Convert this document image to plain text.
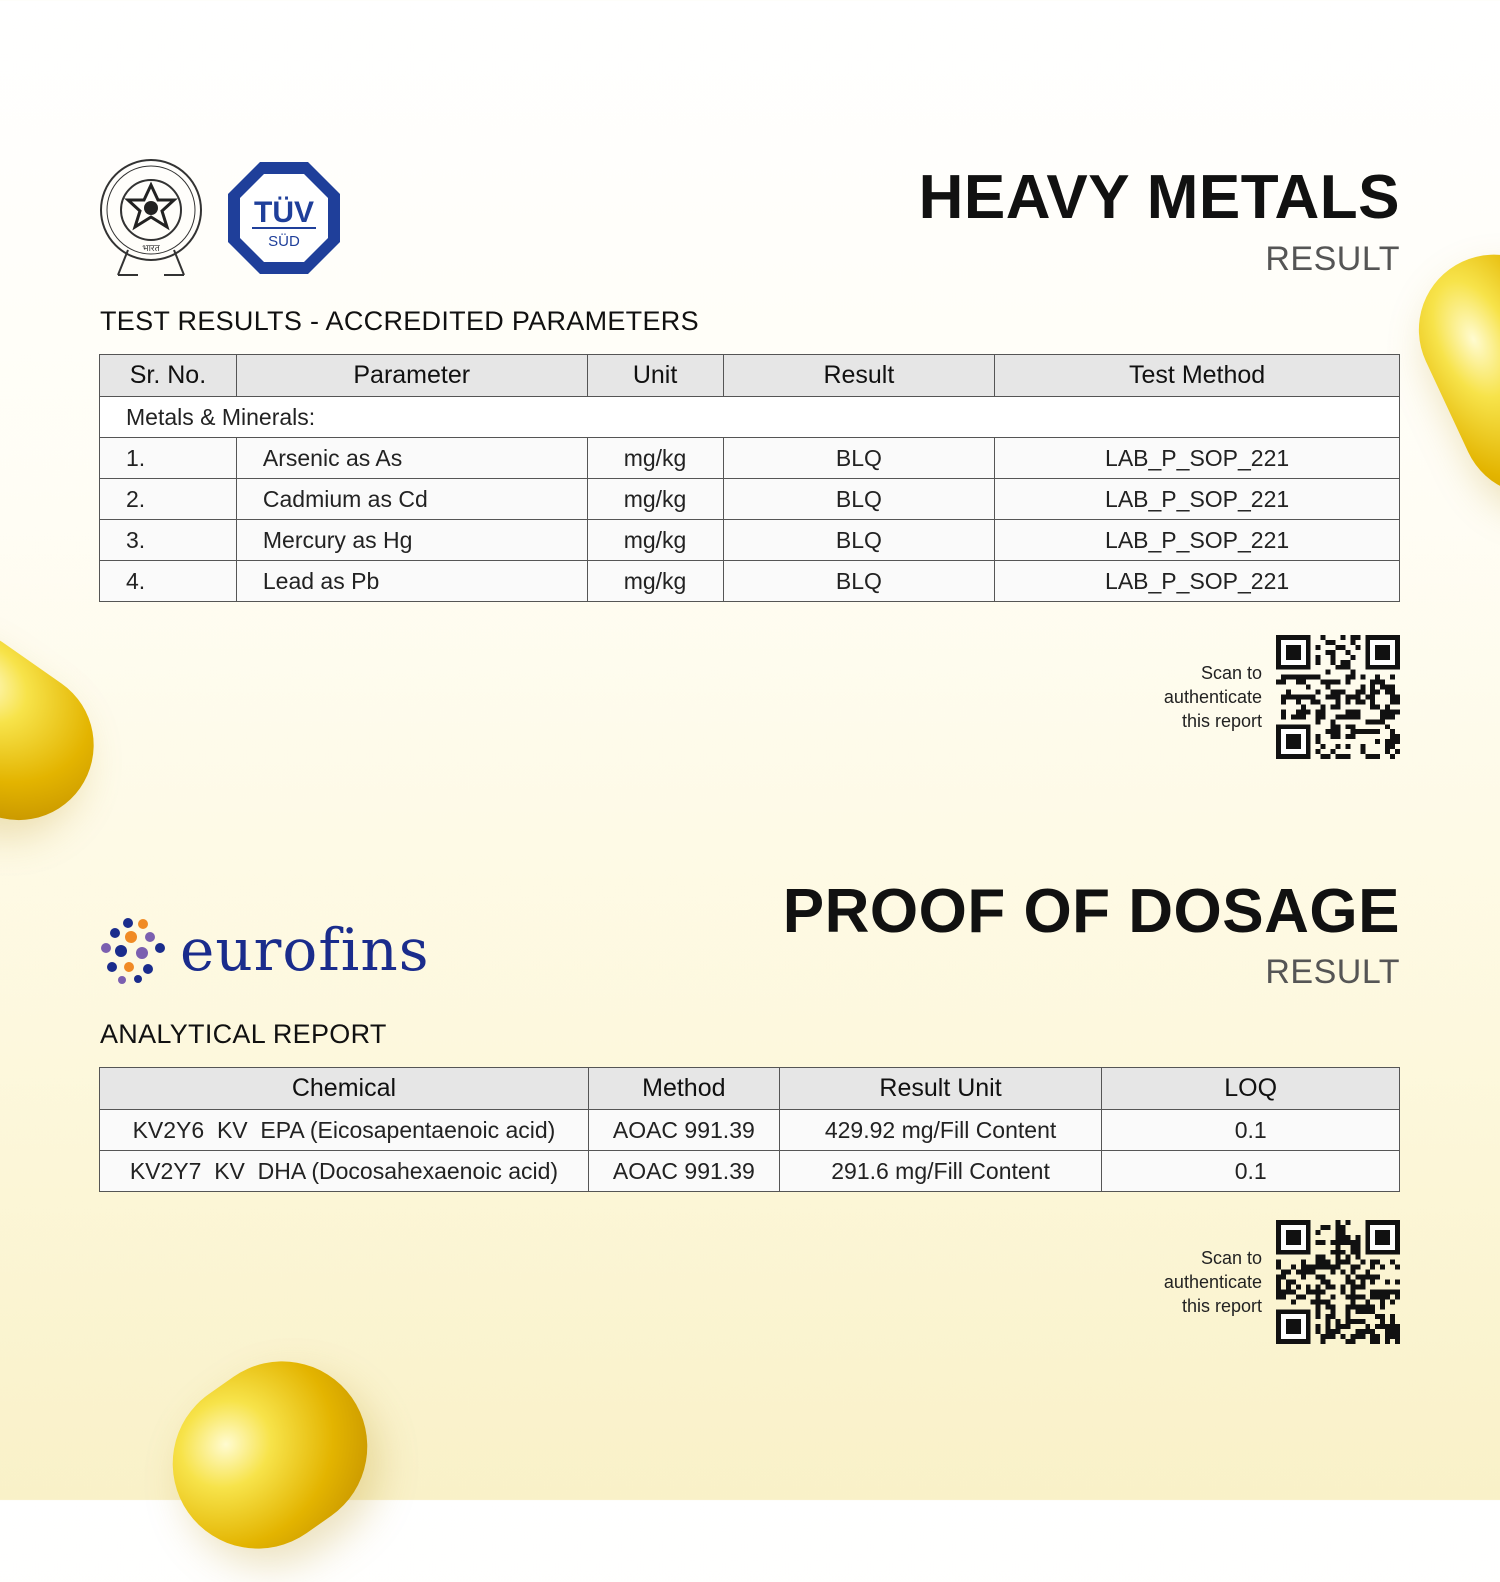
भारत
TÜV
SÜD
HEAVY METALS
RESULT
TEST RESULTS - ACCREDITED PARAMETERS
Sr. No.	Parameter	Unit	Result	Test Method
Metals & Minerals:				
1.	Arsenic as As	mg/kg	BLQ	LAB_P_SOP_221
2.	Cadmium as Cd	mg/kg	BLQ	LAB_P_SOP_221
3.	Mercury as Hg	mg/kg	BLQ	LAB_P_SOP_221
4.	Lead as Pb	mg/kg	BLQ	LAB_P_SOP_221
Scan to
authenticate
this report
eurofins
PROOF OF DOSAGE
RESULT
ANALYTICAL REPORT
Chemical	Method	Result Unit	LOQ
KV2Y6  KV  EPA (Eicosapentaenoic acid)	AOAC 991.39	429.92 mg/Fill Content	0.1
KV2Y7  KV  DHA (Docosahexaenoic acid)	AOAC 991.39	291.6 mg/Fill Content	0.1
Scan to
authenticate
this report
